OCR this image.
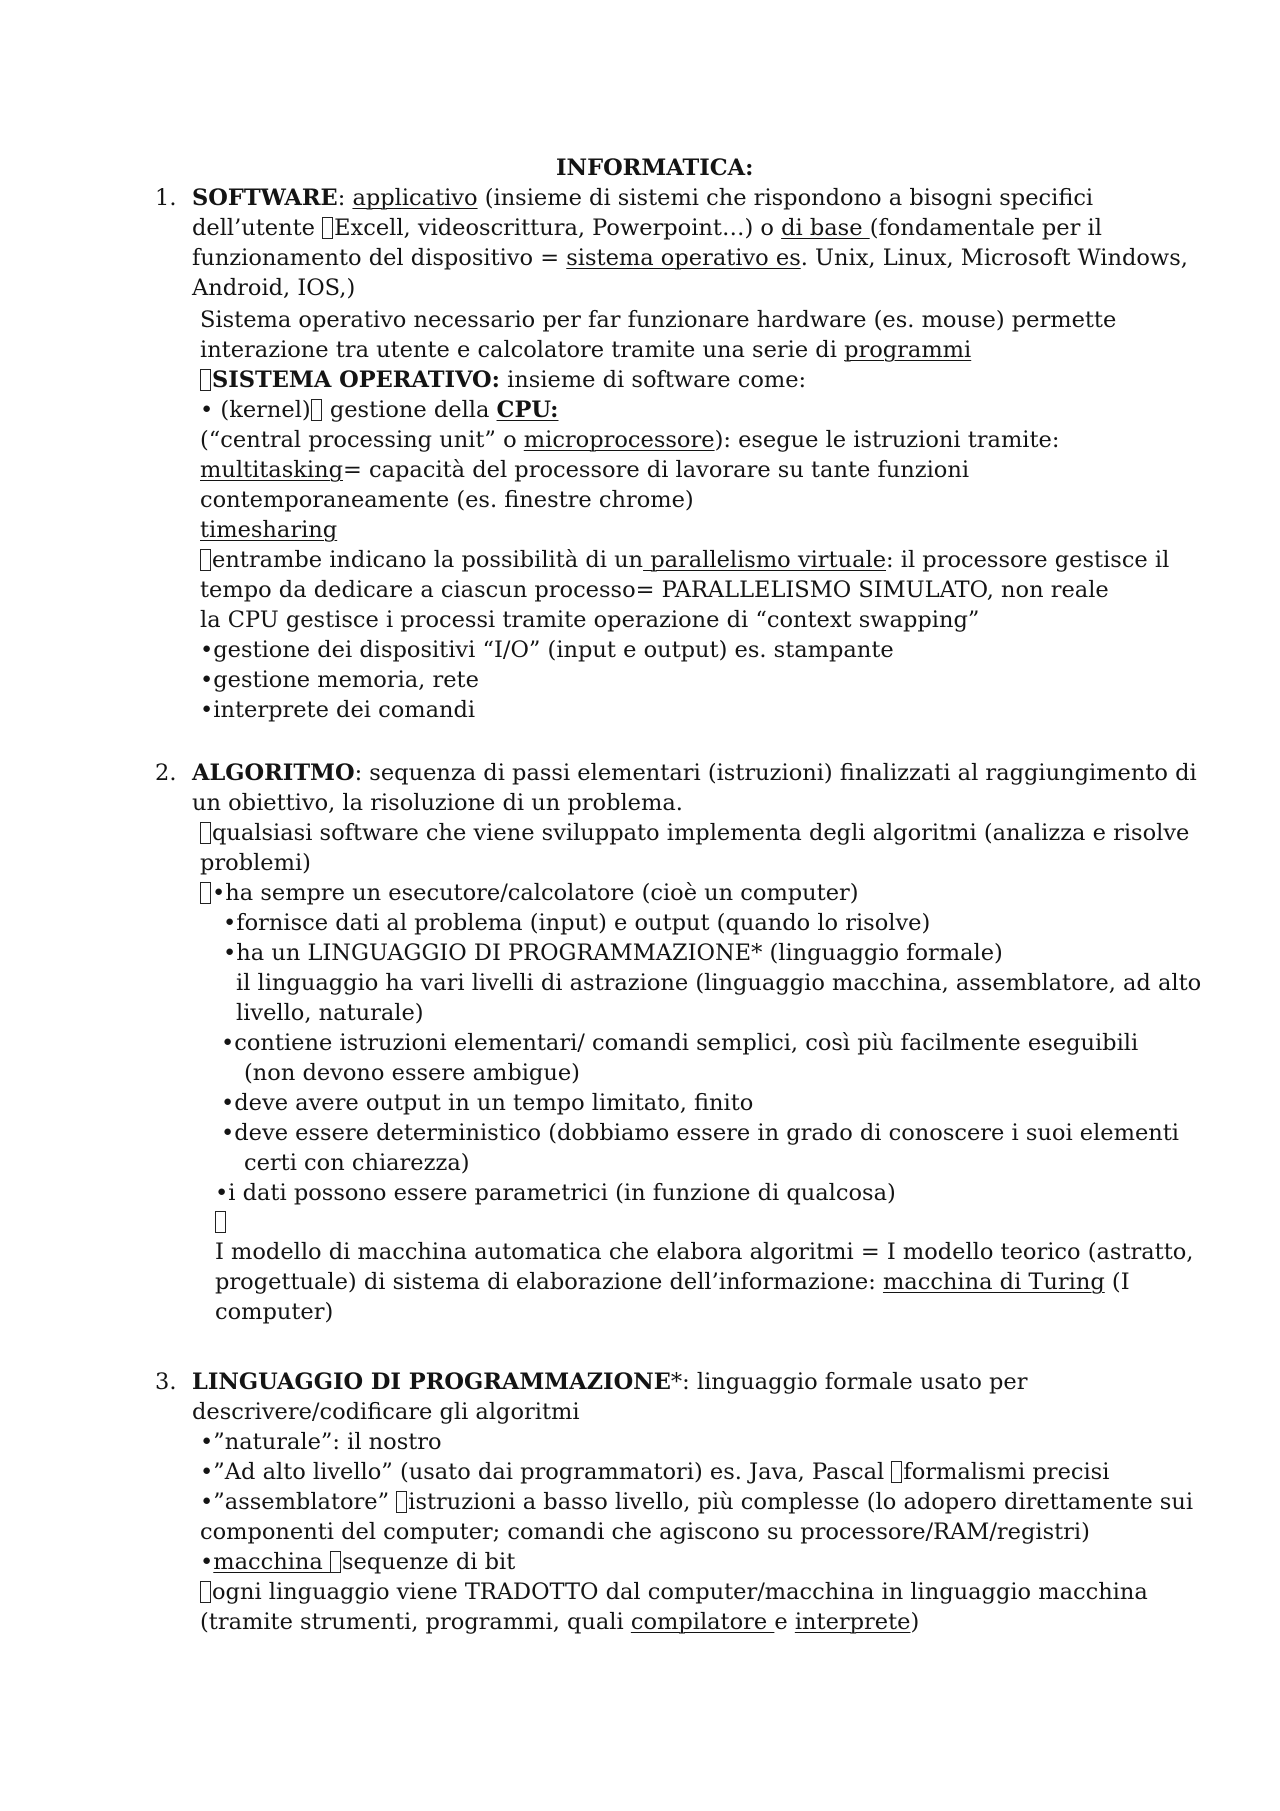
INFORMATICA:
1. SOFTWARE: applicativo (insieme di sistemi che rispondono a bisogni specifici
dell’utente Excell, videoscrittura, Powerpoint…) o di base (fondamentale per il
funzionamento del dispositivo = sistema operativo es. Unix, Linux, Microsoft Windows,
Android, IOS,)
Sistema operativo necessario per far funzionare hardware (es. mouse) permette
interazione tra utente e calcolatore tramite una serie di programmi
SISTEMA OPERATIVO: insieme di software come:
• (kernel) gestione della CPU:
(“central processing unit” o microprocessore): esegue le istruzioni tramite:
multitasking= capacità del processore di lavorare su tante funzioni
contemporaneamente (es. finestre chrome)
timesharing
entrambe indicano la possibilità di un parallelismo virtuale: il processore gestisce il
tempo da dedicare a ciascun processo= PARALLELISMO SIMULATO, non reale
la CPU gestisce i processi tramite operazione di “context swapping”
•gestione dei dispositivi “I/O” (input e output) es. stampante
•gestione memoria, rete
•interprete dei comandi
2. ALGORITMO: sequenza di passi elementari (istruzioni) finalizzati al raggiungimento di
un obiettivo, la risoluzione di un problema.
qualsiasi software che viene sviluppato implementa degli algoritmi (analizza e risolve
problemi)
•ha sempre un esecutore/calcolatore (cioè un computer)
•fornisce dati al problema (input) e output (quando lo risolve)
•ha un LINGUAGGIO DI PROGRAMMAZIONE* (linguaggio formale)
il linguaggio ha vari livelli di astrazione (linguaggio macchina, assemblatore, ad alto
livello, naturale)
•contiene istruzioni elementari/ comandi semplici, così più facilmente eseguibili
(non devono essere ambigue)
•deve avere output in un tempo limitato, finito
•deve essere deterministico (dobbiamo essere in grado di conoscere i suoi elementi
certi con chiarezza)
•i dati possono essere parametrici (in funzione di qualcosa)
I modello di macchina automatica che elabora algoritmi = I modello teorico (astratto,
progettuale) di sistema di elaborazione dell’informazione: macchina di Turing (I
computer)
3. LINGUAGGIO DI PROGRAMMAZIONE*: linguaggio formale usato per
descrivere/codificare gli algoritmi
•”naturale”: il nostro
•”Ad alto livello” (usato dai programmatori) es. Java, Pascal formalismi precisi
•”assemblatore” istruzioni a basso livello, più complesse (lo adopero direttamente sui
componenti del computer; comandi che agiscono su processore/RAM/registri)
•macchina sequenze di bit
ogni linguaggio viene TRADOTTO dal computer/macchina in linguaggio macchina
(tramite strumenti, programmi, quali compilatore e interprete)
